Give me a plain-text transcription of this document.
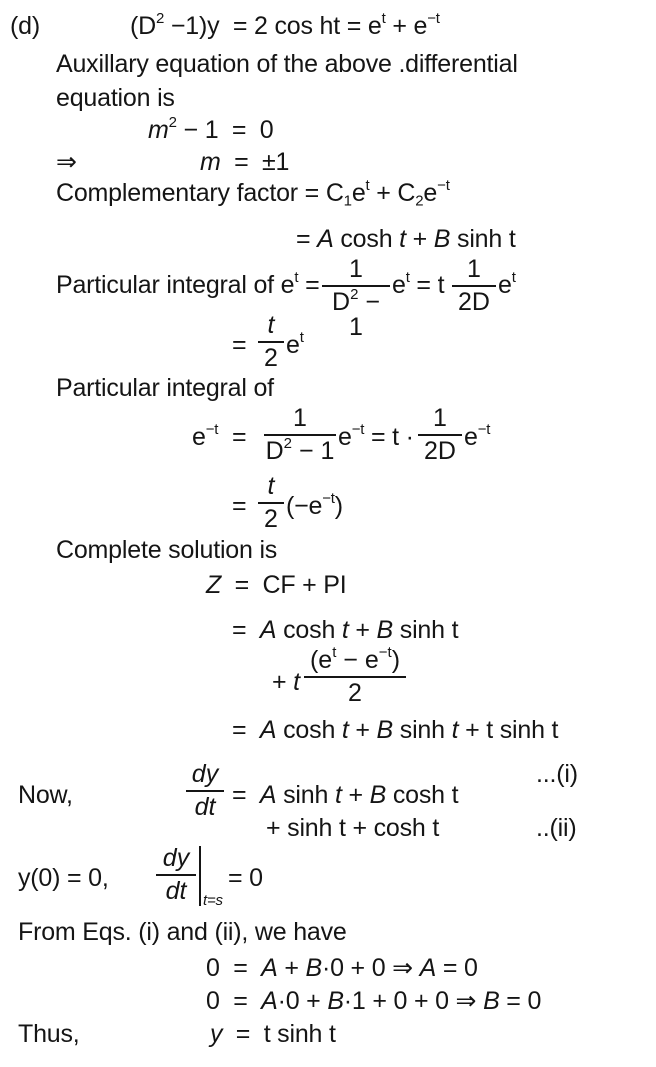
(d)	$(D^2 -1)y = 2$ cos ht = $e^t + e^{-t}$
Auxillary equation of the above .differential
equation is
$m^2 - 1 = 0$
⇒	m  =  ±1
Complementary factor = $C_1e^t + C_2e^{-t}$
= A cosh t + B sinh t
Particular integral of $e^t$ =
1
$D^2 - 1$
$e^t = t$
1
2D
$e^t$
=
t
2 $e^t$
Particular integral of
$e^{-t}$ =
1
$D^2 - 1$ $e^{-t} = t$ ·
1
2D $e^{-t}$
=
t
2 $(-e^{-t})$
Complete solution is
Z  =  CF + PI
=  A cosh t + B sinh t
+ t
$(e^t - e^{-t})$
2
=  A cosh t + B sinh t + t sinh t
...(i)
Now,
dy
dt =  A sinh t + B cosh t
+ sinh t + cosh t	..(ii)
y(0) = 0,
dy
dt	t=s
= 0
From Eqs. (i) and (ii), we have
0  =  A + B·0 + 0 ⇒ A = 0
0  =  A·0 + B·1 + 0 + 0 ⇒ B = 0
Thus,	y  =  t sinh t
